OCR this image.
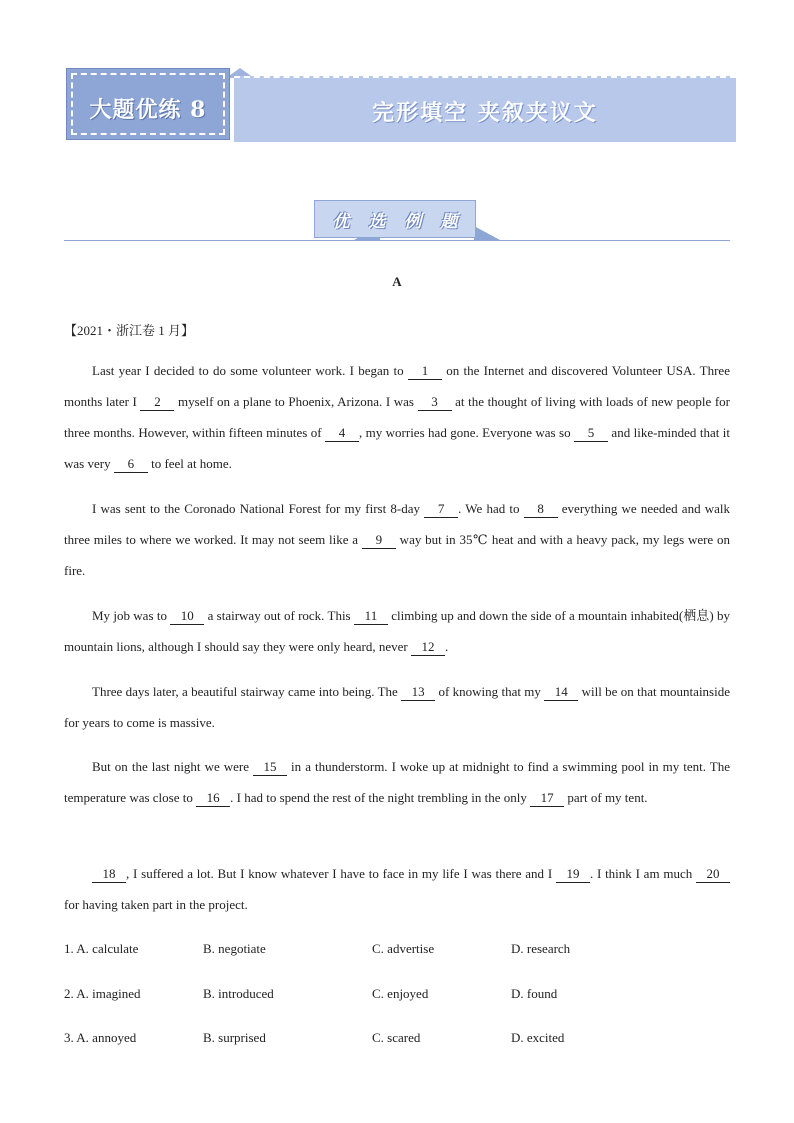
完形填空 夹叙夹议文
大题优练 8
优 选 例 题
A
【2021・浙江卷 1 月】

Last year I decided to do some volunteer work. I began to 1 on the Internet and discovered Volunteer USA. Three months later I 2 myself on a plane to Phoenix, Arizona. I was 3 at the thought of living with loads of new people for three months. However, within fifteen minutes of 4 , my worries had gone. Everyone was so 5 and like-minded that it was very 6 to feel at home.

I was sent to the Coronado National Forest for my first 8-day 7 . We had to 8 everything we needed and walk three miles to where we worked. It may not seem like a 9 way but in 35℃ heat and with a heavy pack, my legs were on fire.

My job was to 10 a stairway out of rock. This 11 climbing up and down the side of a mountain inhabited(栖息) by mountain lions, although I should say they were only heard, never 12 .

Three days later, a beautiful stairway came into being. The 13 of knowing that my 14 will be on that mountainside for years to come is massive.

But on the last night we were 15 in a thunderstorm. I woke up at midnight to find a swimming pool in my tent. The temperature was close to 16 . I had to spend the rest of the night trembling in the only 17 part of my tent.

18 , I suffered a lot. But I know whatever I have to face in my life I was there and I 19 . I think I am much 20 for having taken part in the project.

1. A. calculate	B. negotiate	C. advertise	D. research
2. A. imagined	B. introduced	C. enjoyed	D. found
3. A. annoyed	B. surprised	C. scared	D. excited
